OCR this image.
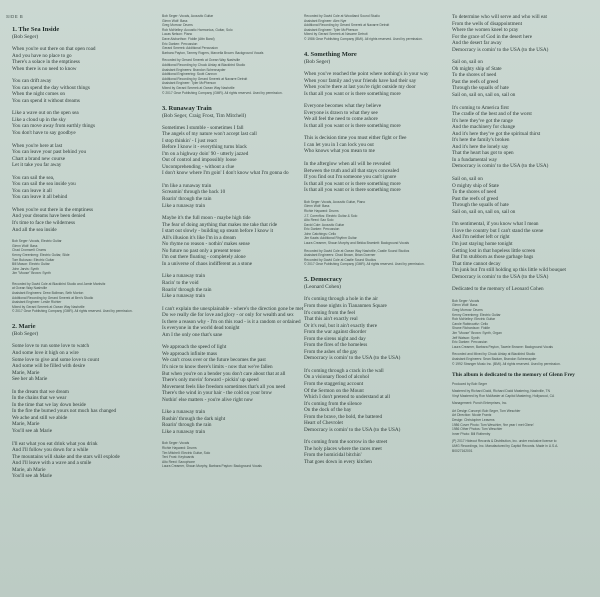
SIDE B
1. The Sea Inside
(Bob Seger)
When you're out there on that open road
And you have no place to go
There's a solace in the emptiness
When there is no need to know
You can drift away
You can spend the day without things
When the night comes on
You can spend it without dreams
Like a wave out on the open sea
Like a cloud up in the sky
You can move away from earthly things
You don't have to say goodbye
When you're here at last
You can leave your past behind you
Chart a brand new course
Let it take you far away
You can sail the sea,
You can sail the sea inside you
You can leave it all
You can leave it all behind
When you're out there in the emptiness
And your dreams have been denied
It's time to face the wilderness
And all the sea inside
Bob Seger: Vocals, Electric Guitar
Glenn Wolf: Bass
Chad Cromwell: Drums
Kenny Greenberg: Electric Guitar, Slide
Tom Bukovac: Electric Guitar
Bill Mason: Electric Guitar
John Jarvis: Synth
Jim "Moose" Brown: Synth
Recorded by David Cole at Blackbird Studio and Jamie Markvitz
at Ocean Way Nashville
Assistant Engineers: Drew Bollman, Seth Morton
Additional Recording by Gerard Smerek at Ben's Studio
Assistant Engineer: Leslie Richter
Mixed by Gerard Smerek at Ocean Way Nashville
© 2017 Gear Publishing Company (GMR). All rights reserved. Used by permission.
2. Marie
(Bob Seger)
Some love to run some love to watch
And some love it high on a wire
Some love to give and some love to count
And some will be filled with desire
Marie, Marie
See her ah Marie
In the dream that we dream
In the chains that we wear
In the time that we lay down beside
In the fire the burned yours not much has changed
We ache and still we abide
Marie, Marie
You'll see ah Marie
I'll eat what you eat drink what you drink
And I'll follow you down for a while
The mountains will shake and the stars will explode
And I'll leave with a wave and a smile
Marie, ah Marie
You'll see ah Marie
Bob Seger: Vocals, Acoustic Guitar
Glenn Wolf: Bass
Greg Morrow: Drums
Rob McNelley: Acoustic Harmonica, Guitar, Solo
Lucas Nelson: Piano
Dave Alsburthon: Fiddle (Attn Band)
Eric Darken: Percussion
Gerard Smerek: Additional Percussion
Barbara Payton, Tammy Rogers, Marcella Brown: Background Vocals
Recorded by Gerard Smerek at Ocean Way Nashville
Additional Recording by Chuck Ainlay at Blackbird Studio
Assistant Engineers: Brandon Schexnayder
Additional Engineering: Scott Cannon
Additional Recording by Gerard Smerek at Navarre Detroit
Assistant Engineer: Tyler McPherson
Mixed by Gerard Smerek at Ocean Way Nashville
© 2017 Gear Publishing Company (GMR). All rights reserved. Used by permission.
3. Runaway Train
(Bob Seger, Craig Frost, Tim Mitchell)
Sometimes I stumble - sometimes I fall
The angels of my nature won't accept last call
I stop thinkin' - I just react
Before I know it - everything turns black
I'm on a highway doin' 90 - utterly jazzed
Out of control and impossibly loose
Uncomprehending - without a clue
I don't know where I'm goin' I don't know what I'm gonna do
I'm like a runaway train
Screamin' through the back 10
Roarin' through the rain
Like a runaway train
Maybe it's the full moon - maybe high tide
The fear of doing anything that makes me take that ride
I start out slowly - building up steam before I know it
All's illusion it's like I'm in a dream
No rhyme no reason - nothin' makes sense
No future no past only a present tense
I'm out there floating - completely alone
In a universe of chaos indifferent as a stone
Like a runaway train
Racin' to the void
Roarin' through the rain
Like a runaway train
I can't explain the unexplainable - where's the direction gone be met
Do we really die for love and glory - or only for wealth and sex
Is there a reason why - I'm on this road - is it a random or ordained
Is everyone in the world dead tonight
Am I the only one that's sane
We approach the speed of light
We approach infinite mass
We can't cross over or the future becomes the past
It's nice to know there's limits - now that we've fallen
But when you're on a bender you don't care about that at all
There's only movin' forward - pickin' up speed
Movement feels like freedom sometimes that's all you need
There's the wind in your hair - the cold on your brow
Nothin' else matters - you're alive right now
Like a runaway train
Rushin' through the dark night
Roarin' through the rain
Like a runaway train
Bob Seger: Vocals
Richie Hayward: Drums
Tim Mitchell: Electric Guitar, Solo
Teni Frost: Keyboards
Alto Reed: Saxophone
Laura Creamer, Shaun Murphy, Barbara Payton: Background Vocals
Recorded by David Cole at Woodland Sound Studio
Assistant Engineer: Alex Nye
Additional Recording by Gerard Smerek at Navarre Detroit
Assistant Engineer: Tyler McPherson
Mixed by Gerard Smerek at Navarre Detroit
© 1986 Gear Publishing Company (BMI). All rights reserved. Used by permission.
4. Something More
(Bob Seger)
When you've reached the point where nothing's in your way
When your family and your friends have had their say
When you're there at last you're right outside my door
Is that all you want or is there something more
Everyone becomes what they believe
Everyone is drawn to what they see
We all feel the need to come ashore
Is that all you want or is there something more
This is decision time you must either fight or flee
I can let you in I can lock you out
Who knows what you mean to me
In the afterglow when all will be revealed
Between the truth and all that stays concealed
If you find out I'm someone you can't ignore
Is that all you want or is there something more
Is that all you want or is there something more
Bob Seger: Vocals, Acoustic Guitar, Piano
Glenn Wolf: Bass
Richie Hayward: Drums
J.T. Corenflos: Electric Guitar & Solo
Alto Reed: Sax Solo
David Cole: Acoustic Guitar
Eric Darken: Percussion
John Catchings: Cello
Jim Kaats: Additional Rhythm Guitar
Laura Creamer, Shaun Murphy and Bekka Bramlett: Background Vocals
Recorded by David Cole at Ocean Way Nashville, Castle Sound Studios
Assistant Engineers: Chad Brown, Brian Doerner
Recorded by David Cole at Castle Sound Studios
© 2017 Gear Publishing Company (GMR). All rights reserved. Used by permission.
5. Democracy
(Leonard Cohen)
It's coming through a hole in the air
From those nights in Tiananmen Square
It's coming from the feel
That this ain't exactly real
Or it's real, but it ain't exactly there
From the war against disorder
From the sirens night and day
From the fires of the homeless
From the ashes of the gay
Democracy is comin' to the USA (to the USA)
It's coming through a crack in the wall
On a visionary flood of alcohol
From the staggering account
Of the Sermon on the Mount
Which I don't pretend to understand at all
It's coming from the silence
On the dock of the bay
From the brave, the bold, the battered
Heart of Chevrolet
Democracy is comin' to the USA (to the USA)
It's coming from the sorrow in the street
The holy places where the races meet
From the homicidal bitchin'
That goes down in every kitchen
To determine who will serve and who will eat
From the wells of disappointment
Where the women kneel to pray
For the grace of God in the desert here
And the desert far away
Democracy is comin' to the USA (to the USA)
Sail on, sail on
Oh mighty ship of State
To the shores of need
Past the reefs of greed
Through the squalls of hate
Sail on, sail on, sail on, sail on
It's coming to America first
The cradle of the best and of the worst
It's here they've got the range
And the machinery for change
And it's here they've got the spiritual thirst
It's here the family's broken
And it's here the lonely say
That the heart has got to open
In a fundamental way
Democracy is comin' to the USA (to the USA)
Sail on, sail on
O mighty ship of State
To the shores of need
Past the reefs of greed
Through the squalls of hate
Sail on, sail on, sail on, sail on
I'm sentimental, if you know what I mean
I love the country but I can't stand the scene
And I'm neither left or right
I'm just staying home tonight
Getting lost in that hopeless little screen
But I'm stubborn as those garbage bags
That time cannot decay
I'm junk but I'm still holding up this little wild bouquet
Democracy is comin' to the USA (to the USA)
Dedicated to the memory of Leonard Cohen
Bob Seger: Vocals
Glenn Wolf: Bass
Greg Morrow: Drums
Kenny Greenberg: Electric Guitar
Rob McNelley: Electric Guitar
Carole Rabinowitz: Cello
Shane Richardson: Fiddle
Jim "Moose" Brown: Synth, Organ
Jeff Watson: Synth
Eric Darken: Percussion
Laura Creamer, Barbara Payton, Tawnie Browne: Background Vocals
Recorded and Mixed by Chuck Ainlay at Blackbird Studio
Assistant Engineers: Sean Badum, Brandon Schexnayder
© 1992 Stranger Music Inc. (BMI). All rights reserved. Used by permission.
This album is dedicated to the memory of Glenn Frey
Produced by Bob Seger
Mastered by Richard Dodd, Richard Dodd Mastering, Nashville, TN
Vinyl Mastered by Ron McMaster at Capitol Mastering, Hollywood, CA
Management: Punch Enterprises, Inc.
Art Design Concept: Bob Seger, Tom Weschler
Art Direction: Nicole Frantz
Design: Christopher Leavens
1986 Cover Photo: Tom Weschler, 'the year I met Glenn'
1986 Other Photos: Tom Weschler
Inner Photo: Bill Rothenby
(P) 2017 Hideout Records & Distribution, Inc. under exclusive license to
UMG Recordings, Inc. Manufactured by Capitol Records. Made in U.S.A.
B0027162001
